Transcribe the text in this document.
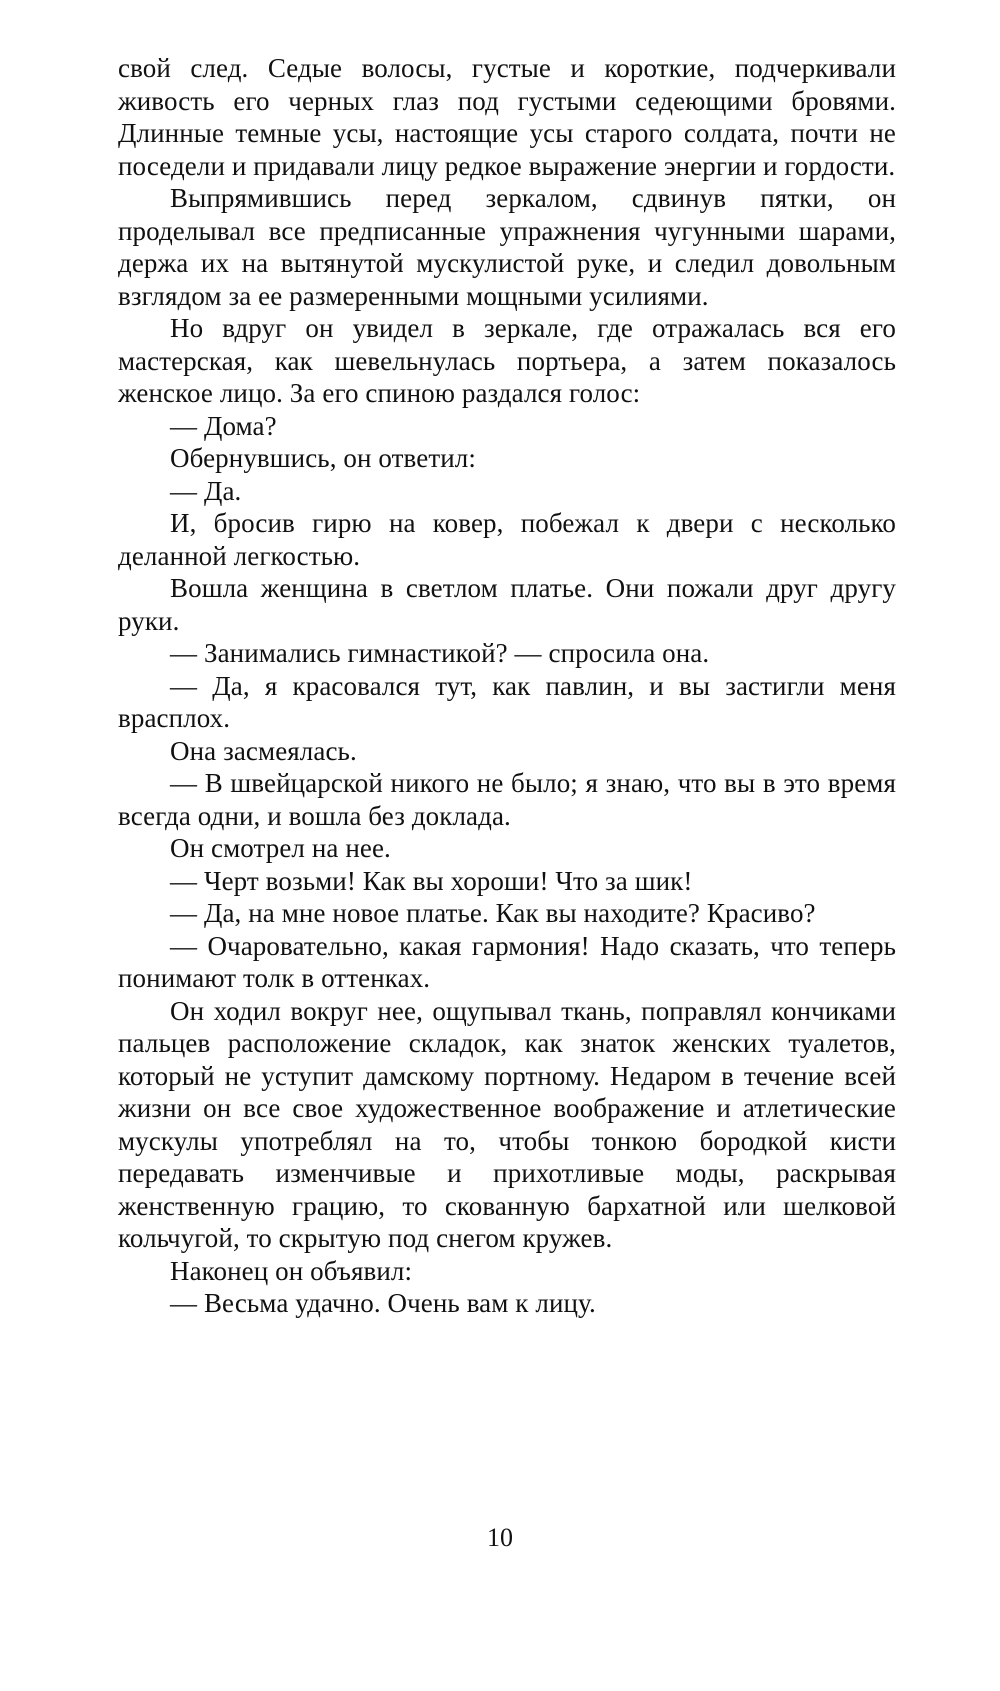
свой след. Седые волосы, густые и короткие, подчеркивали живость его черных глаз под густыми седеющими бровями. Длинные темные усы, настоящие усы старого солдата, почти не поседели и придавали лицу редкое выражение энергии и гордости.

Выпрямившись перед зеркалом, сдвинув пятки, он проделывал все предписанные упражнения чугунными шарами, держа их на вытянутой мускулистой руке, и следил довольным взглядом за ее размеренными мощными усилиями.

Но вдруг он увидел в зеркале, где отражалась вся его мастерская, как шевельнулась портьера, а затем показалось женское лицо. За его спиною раздался голос:

— Дома?

Обернувшись, он ответил:

— Да.

И, бросив гирю на ковер, побежал к двери с несколько деланной легкостью.

Вошла женщина в светлом платье. Они пожали друг другу руки.

— Занимались гимнастикой? — спросила она.

— Да, я красовался тут, как павлин, и вы застигли меня врасплох.

Она засмеялась.

— В швейцарской никого не было; я знаю, что вы в это время всегда одни, и вошла без доклада.

Он смотрел на нее.

— Черт возьми! Как вы хороши! Что за шик!

— Да, на мне новое платье. Как вы находите? Красиво?

— Очаровательно, какая гармония! Надо сказать, что теперь понимают толк в оттенках.

Он ходил вокруг нее, ощупывал ткань, поправлял кончиками пальцев расположение складок, как знаток женских туалетов, который не уступит дамскому портному. Недаром в течение всей жизни он все свое художественное воображение и атлетические мускулы употреблял на то, чтобы тонкою бородкой кисти передавать изменчивые и прихотливые моды, раскрывая женственную грацию, то скованную бархатной или шелковой кольчугой, то скрытую под снегом кружев.

Наконец он объявил:

— Весьма удачно. Очень вам к лицу.

10
